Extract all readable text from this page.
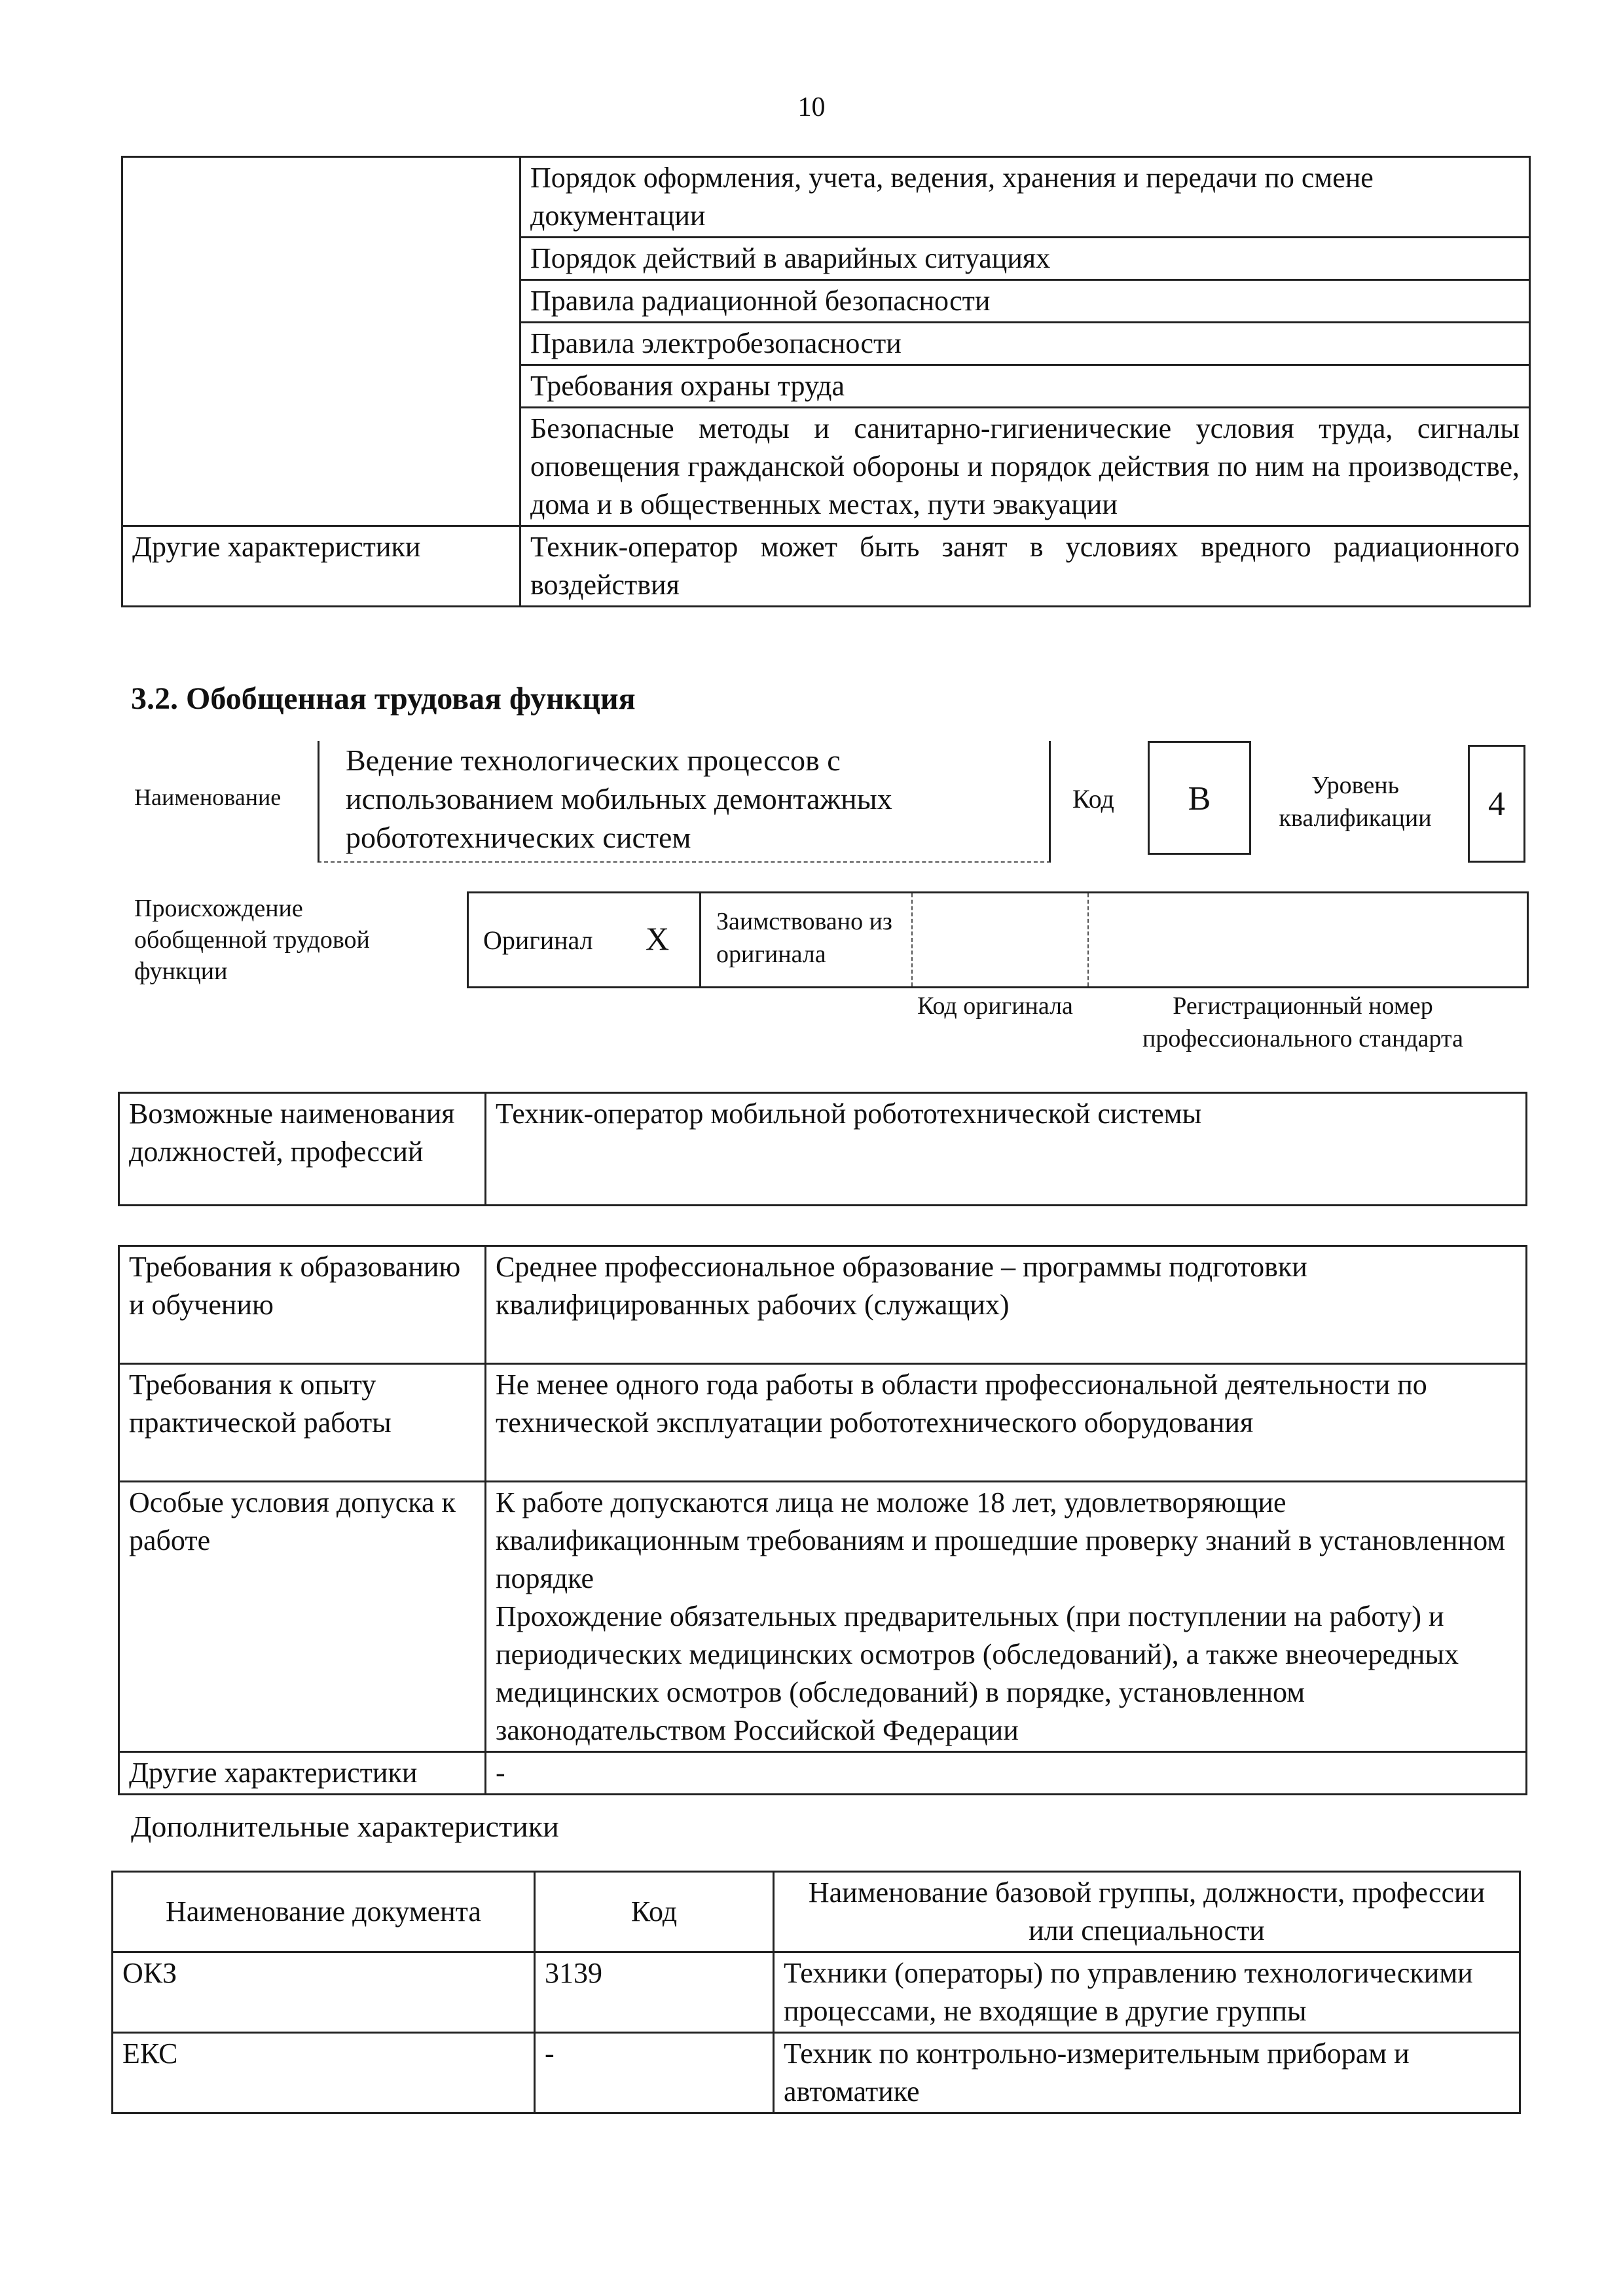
10
	Порядок оформления, учета, ведения, хранения и передачи по смене документации
	Порядок действий в аварийных ситуациях
	Правила радиационной безопасности
	Правила электробезопасности
	Требования охраны труда
	Безопасные методы и санитарно-гигиенические условия труда, сигналы оповещения гражданской обороны и порядок действия по ним на производстве, дома и в общественных местах, пути эвакуации
Другие характеристики	Техник-оператор может быть занят в условиях вредного радиационного воздействия
3.2. Обобщенная трудовая функция
Наименование
Ведение технологических процессов с использованием мобильных демонтажных робототехнических систем
Код	B	Уровень квалификации	4
Происхождение обобщенной трудовой функции
Оригинал X Заимствовано из оригинала
Код оригинала	Регистрационный номер профессионального стандарта
Возможные наименования должностей, профессий	Техник-оператор мобильной робототехнической системы
Требования к образованию и обучению	Среднее профессиональное образование – программы подготовки квалифицированных рабочих (служащих)
Требования к опыту практической работы	Не менее одного года работы в области профессиональной деятельности по технической эксплуатации робототехнического оборудования
Особые условия допуска к работе	К работе допускаются лица не моложе 18 лет, удовлетворяющие квалификационным требованиям и прошедшие проверку знаний в установленном порядке
Прохождение обязательных предварительных (при поступлении на работу) и периодических медицинских осмотров (обследований), а также внеочередных медицинских осмотров (обследований) в порядке, установленном законодательством Российской Федерации

Другие характеристики	-
Дополнительные характеристики
Наименование документа	Код	Наименование базовой группы, должности, профессии или специальности
ОКЗ	3139	Техники (операторы) по управлению технологическими процессами, не входящие в другие группы
ЕКС	-	Техник по контрольно-измерительным приборам и автоматике
